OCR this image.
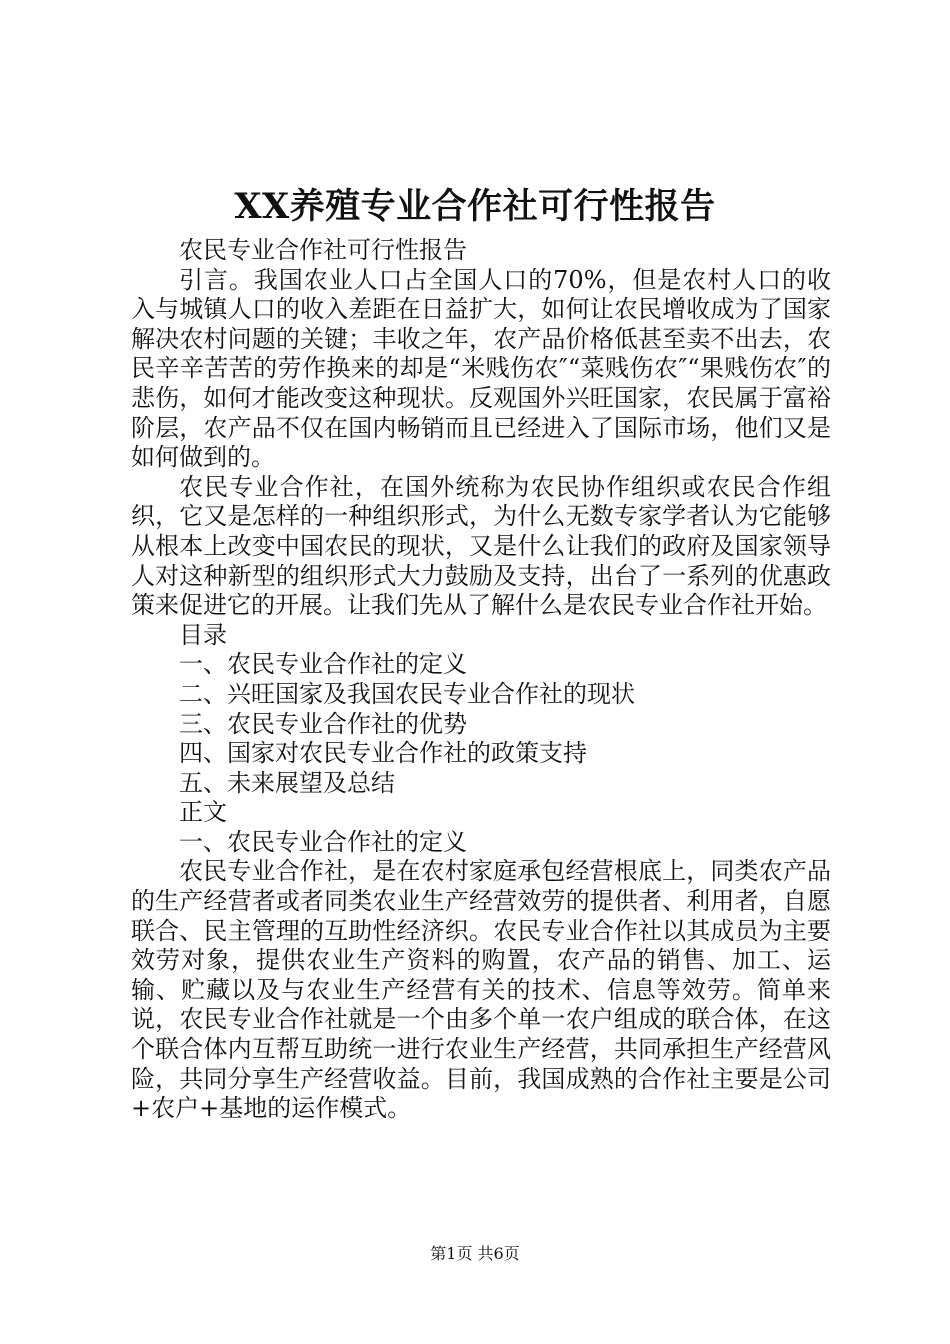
XX养殖专业合作社可行性报告

农民专业合作社可行性报告

引言。我国农业人口占全国人口的70%，但是农村人口的收入与城镇人口的收入差距在日益扩大，如何让农民增收成为了国家解决农村问题的关键；丰收之年，农产品价格低甚至卖不出去，农民辛辛苦苦的劳作换来的却是“米贱伤农″“菜贱伤农″“果贱伤农″的悲伤，如何才能改变这种现状。反观国外兴旺国家，农民属于富裕阶层，农产品不仅在国内畅销而且已经进入了国际市场，他们又是如何做到的。

农民专业合作社，在国外统称为农民协作组织或农民合作组织，它又是怎样的一种组织形式，为什么无数专家学者认为它能够从根本上改变中国农民的现状，又是什么让我们的政府及国家领导人对这种新型的组织形式大力鼓励及支持，出台了一系列的优惠政策来促进它的开展。让我们先从了解什么是农民专业合作社开始。

目录

一、农民专业合作社的定义

二、兴旺国家及我国农民专业合作社的现状

三、农民专业合作社的优势

四、国家对农民专业合作社的政策支持

五、未来展望及总结

正文

一、农民专业合作社的定义

农民专业合作社，是在农村家庭承包经营根底上，同类农产品的生产经营者或者同类农业生产经营效劳的提供者、利用者，自愿联合、民主管理的互助性经济织。农民专业合作社以其成员为主要效劳对象，提供农业生产资料的购置，农产品的销售、加工、运输、贮藏以及与农业生产经营有关的技术、信息等效劳。简单来说，农民专业合作社就是一个由多个单一农户组成的联合体，在这个联合体内互帮互助统一进行农业生产经营，共同承担生产经营风险，共同分享生产经营收益。目前，我国成熟的合作社主要是公司+农户+基地的运作模式。

第1页 共6页
